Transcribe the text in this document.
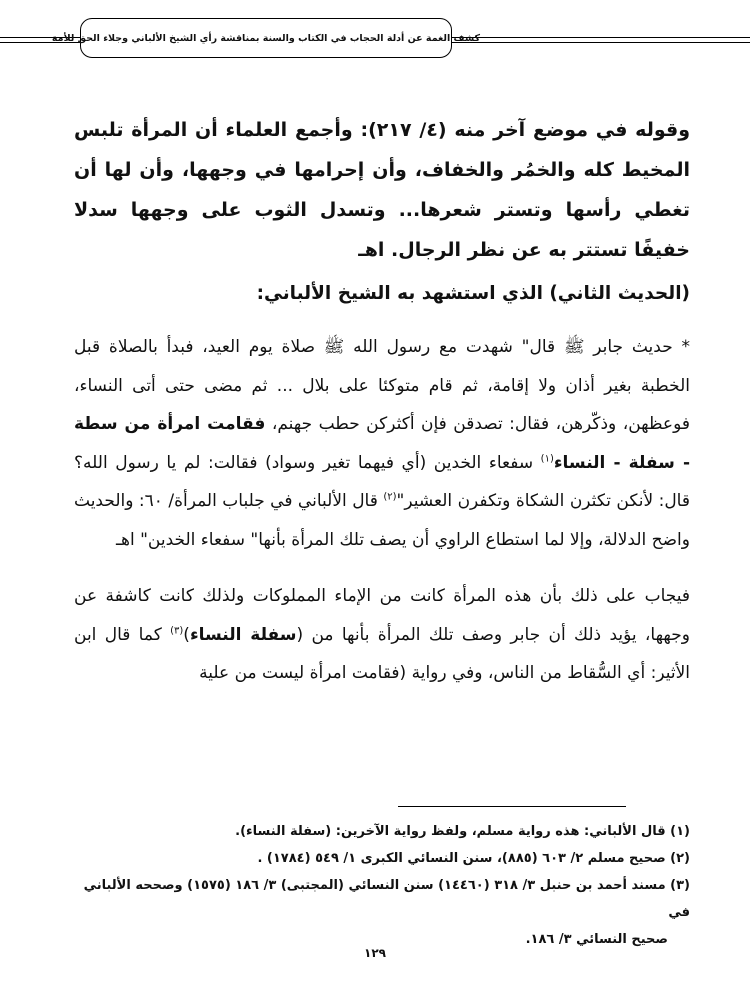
كشف الغمة عن أدلة الحجاب في الكتاب والسنة بمناقشة رأي الشيخ الألباني وجلاء الحق للأمة

وقوله في موضع آخر منه (٤/ ٢١٧): وأجمع العلماء أن المرأة تلبس المخيط كله والخمُر والخفاف، وأن إحرامها في وجهها، وأن لها أن تغطي رأسها وتستر شعرها... وتسدل الثوب على وجهها سدلا خفيفًا تستتر به عن نظر الرجال. اهـ

(الحديث الثاني) الذي استشهد به الشيخ الألباني:

* حديث جابر ﷺ قال" شهدت مع رسول الله ﷺ صلاة يوم العيد، فبدأ بالصلاة قبل الخطبة بغير أذان ولا إقامة، ثم قام متوكئا على بلال ... ثم مضى حتى أتى النساء، فوعظهن، وذكّرهن، فقال: تصدقن فإن أكثركن حطب جهنم، فقامت امرأة من سطة - سفلة - النساء$^{(١)}$ سفعاء الخدين (أي فيهما تغير وسواد) فقالت: لم يا رسول الله؟ قال: لأنكن تكثرن الشكاة وتكفرن العشير"$^{(٢)}$ قال الألباني في جلباب المرأة/ ٦٠: والحديث واضح الدلالة، وإلا لما استطاع الراوي أن يصف تلك المرأة بأنها" سفعاء الخدين" اهـ

فيجاب على ذلك بأن هذه المرأة كانت من الإماء المملوكات ولذلك كانت كاشفة عن وجهها، يؤيد ذلك أن جابر وصف تلك المرأة بأنها من (سفلة النساء)$^{(٣)}$ كما قال ابن الأثير: أي السُّقاط من الناس، وفي رواية (فقامت امرأة ليست من علية

(١) قال الألباني: هذه رواية مسلم، ولفظ رواية الآخرين: (سفلة النساء).

(٢) صحيح مسلم ٢/ ٦٠٣ (٨٨٥)، سنن النسائي الكبرى ١/ ٥٤٩ (١٧٨٤) .

(٣) مسند أحمد بن حنبل ٣/ ٣١٨ (١٤٤٦٠) سنن النسائي (المجتبى) ٣/ ١٨٦ (١٥٧٥) وصححه الألباني في

صحيح النسائي ٣/ ١٨٦.

١٢٩
